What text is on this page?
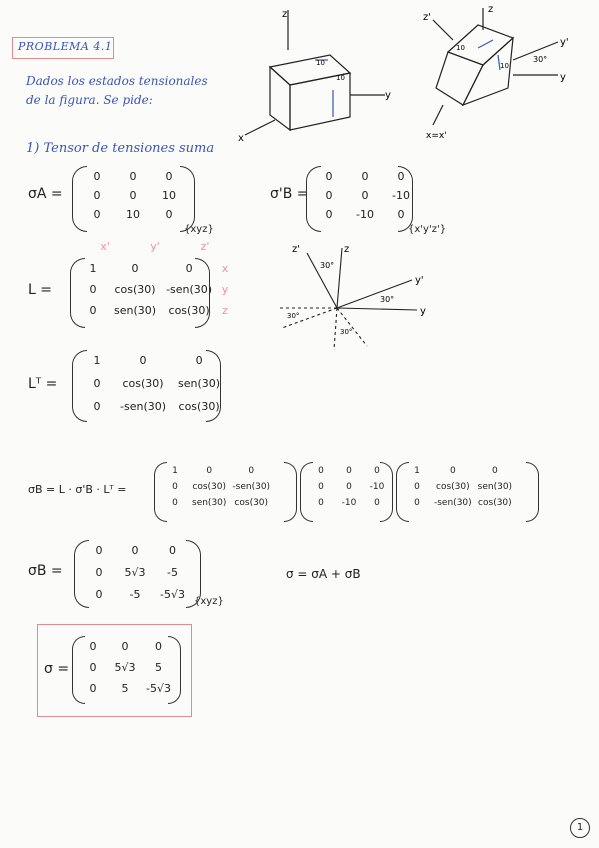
PROBLEMA 4.1
Dados los estados tensionales
de la figura. Se pide:
z
y
x
10
10
z
z'
y'
y
x=x'
30°
10
10
1) Tensor de tensiones suma
σA =
0	0	0
0	0	10
0	10	0
{xyz}
σ'B =
0	0	0
0	0	-10
0	-10	0
{x'y'z'}
x'	y'	z'
L =
1	0	0
0	cos(30) -sen(30)
0	sen(30) cos(30)
x
y
z
z
z'
y'
y
30°
30°
30°
30°
Lᵀ =
1	0	0
0	cos(30) sen(30)
0	-sen(30) cos(30)
σB = L · σ'B · Lᵀ =
1	0	0
0	cos(30) -sen(30)
0	sen(30) cos(30)
0	0	0
0	0	-10
0	-10	0
1	0	0
0	cos(30) sen(30)
0	-sen(30) cos(30)
σB =
0	0	0
0	5√3	-5
0	-5	-5√3
{xyz}
σ = σA + σB
σ =
0	0	0
0	5√3	5
0	5	-5√3
1
